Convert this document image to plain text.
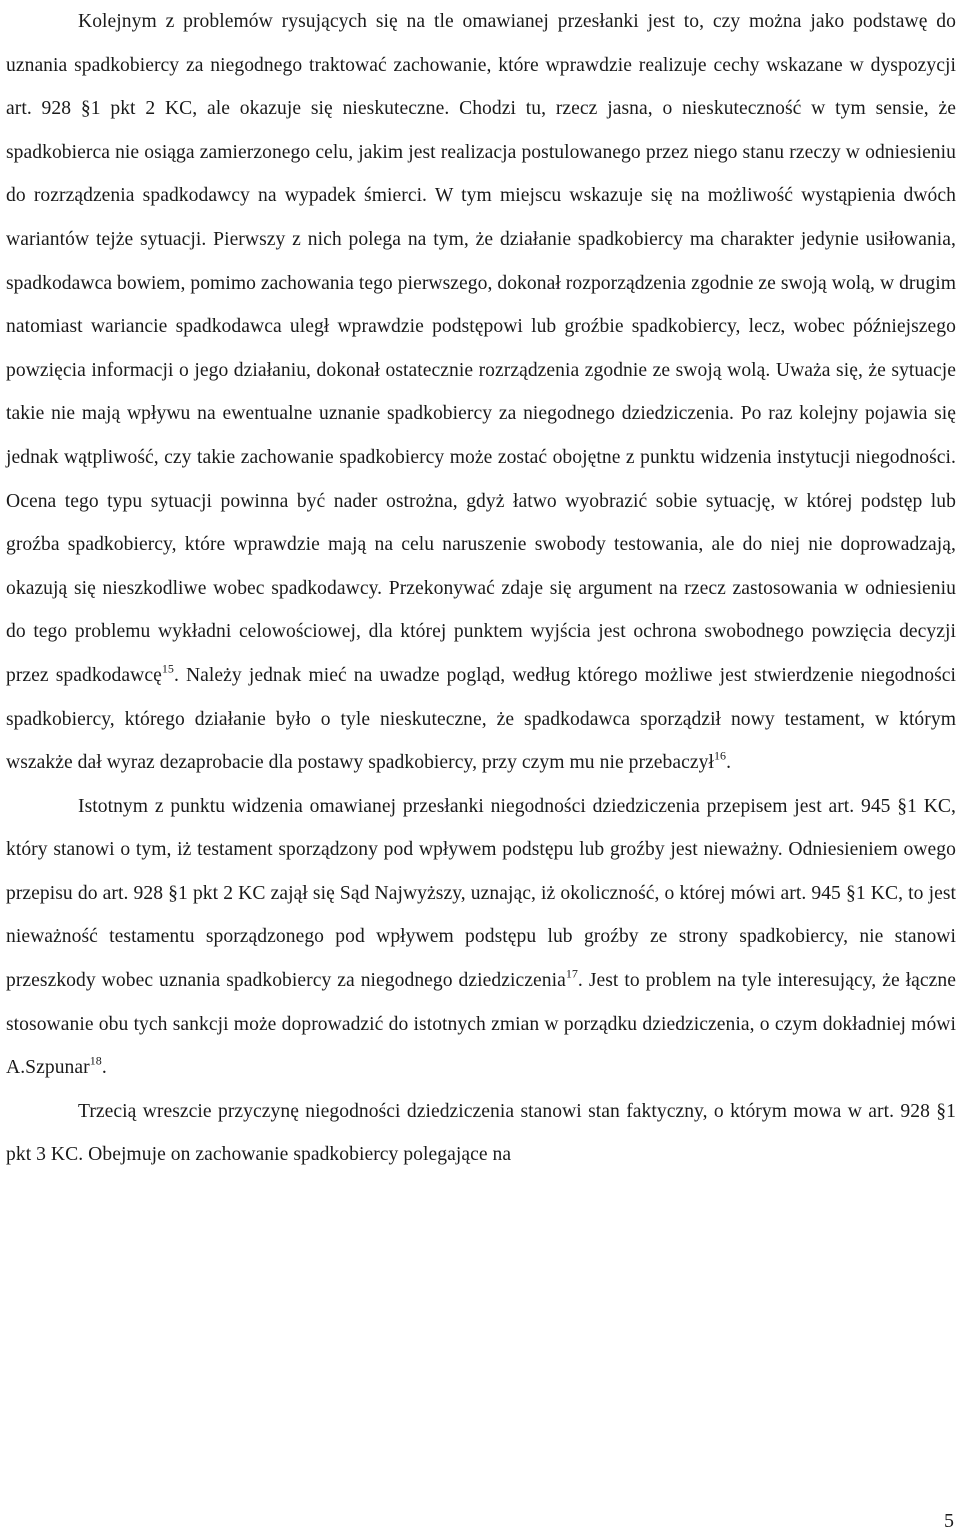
Kolejnym z problemów rysujących się na tle omawianej przesłanki jest to, czy można jako podstawę do uznania spadkobiercy za niegodnego traktować zachowanie, które wprawdzie realizuje cechy wskazane w dyspozycji art. 928 §1 pkt 2 KC, ale okazuje się nieskuteczne. Chodzi tu, rzecz jasna, o nieskuteczność w tym sensie, że spadkobierca nie osiąga zamierzonego celu, jakim jest realizacja postulowanego przez niego stanu rzeczy w odniesieniu do rozrządzenia spadkodawcy na wypadek śmierci. W tym miejscu wskazuje się na możliwość wystąpienia dwóch wariantów tejże sytuacji. Pierwszy z nich polega na tym, że działanie spadkobiercy ma charakter jedynie usiłowania, spadkodawca bowiem, pomimo zachowania tego pierwszego, dokonał rozporządzenia zgodnie ze swoją wolą, w drugim natomiast wariancie spadkodawca uległ wprawdzie podstępowi lub groźbie spadkobiercy, lecz, wobec późniejszego powzięcia informacji o jego działaniu, dokonał ostatecznie rozrządzenia zgodnie ze swoją wolą. Uważa się, że sytuacje takie nie mają wpływu na ewentualne uznanie spadkobiercy za niegodnego dziedziczenia. Po raz kolejny pojawia się jednak wątpliwość, czy takie zachowanie spadkobiercy może zostać obojętne z punktu widzenia instytucji niegodności. Ocena tego typu sytuacji powinna być nader ostrożna, gdyż łatwo wyobrazić sobie sytuację, w której podstęp lub groźba spadkobiercy, które wprawdzie mają na celu naruszenie swobody testowania, ale do niej nie doprowadzają, okazują się nieszkodliwe wobec spadkodawcy. Przekonywać zdaje się argument na rzecz zastosowania w odniesieniu do tego problemu wykładni celowościowej, dla której punktem wyjścia jest ochrona swobodnego powzięcia decyzji przez spadkodawcę$^{15}$. Należy jednak mieć na uwadze pogląd, według którego możliwe jest stwierdzenie niegodności spadkobiercy, którego działanie było o tyle nieskuteczne, że spadkodawca sporządził nowy testament, w którym wszakże dał wyraz dezaprobacie dla postawy spadkobiercy, przy czym mu nie przebaczył$^{16}$.

Istotnym z punktu widzenia omawianej przesłanki niegodności dziedziczenia przepisem jest art. 945 §1 KC, który stanowi o tym, iż testament sporządzony pod wpływem podstępu lub groźby jest nieważny. Odniesieniem owego przepisu do art. 928 §1 pkt 2 KC zajął się Sąd Najwyższy, uznając, iż okoliczność, o której mówi art. 945 §1 KC, to jest nieważność testamentu sporządzonego pod wpływem podstępu lub groźby ze strony spadkobiercy, nie stanowi przeszkody wobec uznania spadkobiercy za niegodnego dziedziczenia$^{17}$. Jest to problem na tyle interesujący, że łączne stosowanie obu tych sankcji może doprowadzić do istotnych zmian w porządku dziedziczenia, o czym dokładniej mówi A.Szpunar$^{18}$.

Trzecią wreszcie przyczynę niegodności dziedziczenia stanowi stan faktyczny, o którym mowa w art. 928 §1 pkt 3 KC. Obejmuje on zachowanie spadkobiercy polegające na

5
